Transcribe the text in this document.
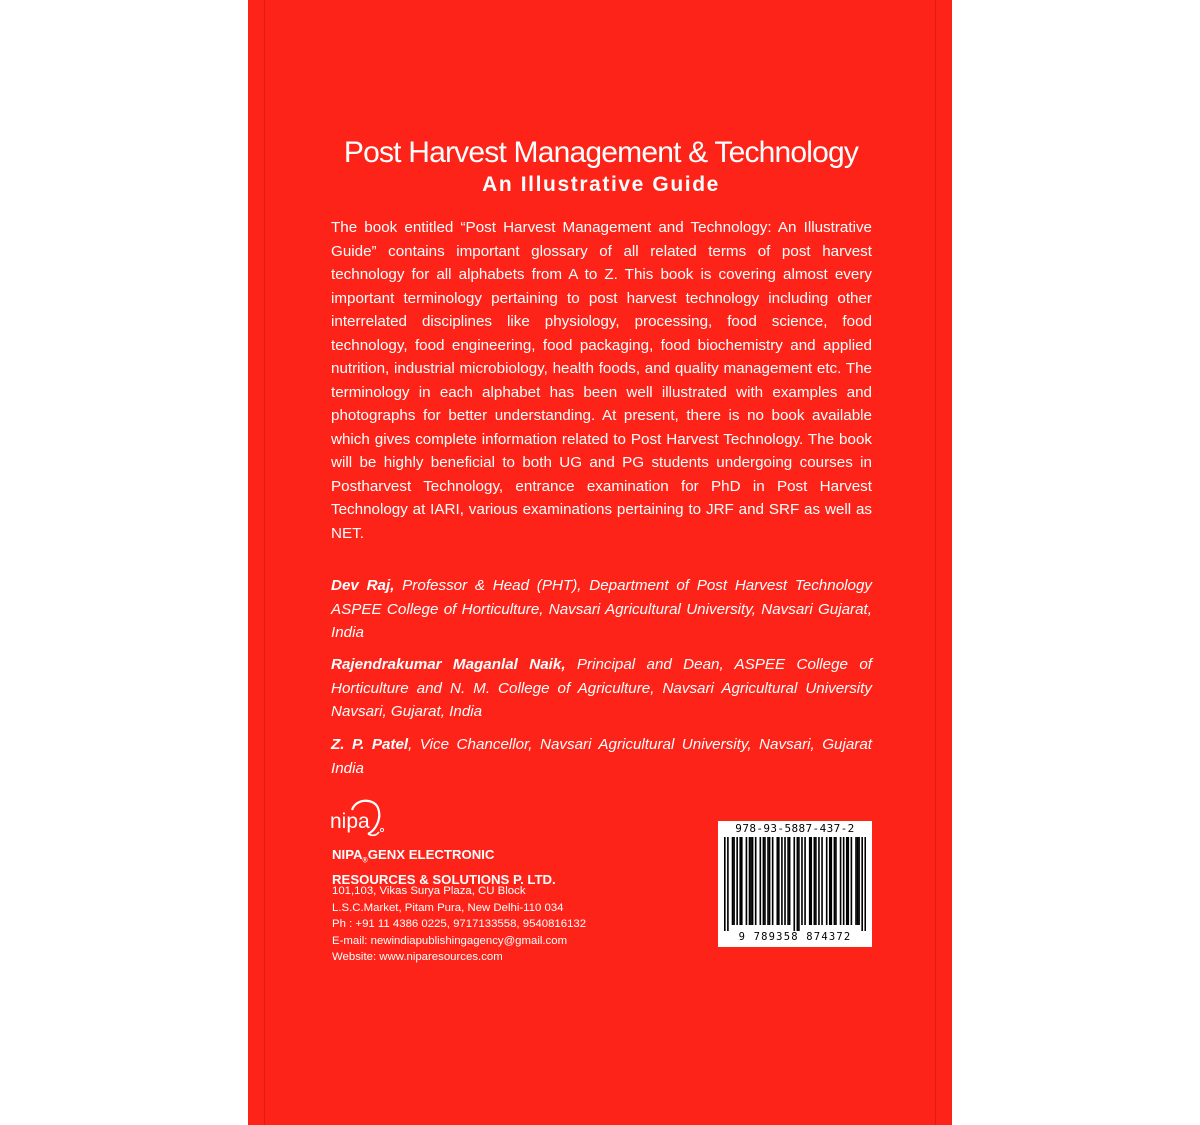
Post Harvest Management & Technology
An Illustrative Guide

The book entitled “Post Harvest Management and Technology: An Illustrative Guide” contains important glossary of all related terms of post harvest technology for all alphabets from A to Z. This book is covering almost every important terminology pertaining to post harvest technology including other interrelated disciplines like physiology, processing, food science, food technology, food engineering, food packaging, food biochemistry and applied nutrition, industrial microbiology, health foods, and quality management etc. The terminology in each alphabet has been well illustrated with examples and photographs for better understanding. At present, there is no book available which gives complete information related to Post Harvest Technology. The book will be highly beneficial to both UG and PG students undergoing courses in Postharvest Technology, entrance examination for PhD in Post Harvest Technology at IARI, various examinations pertaining to JRF and SRF as well as NET.

Dev Raj, Professor & Head (PHT), Department of Post Harvest Technology ASPEE College of Horticulture, Navsari Agricultural University, Navsari Gujarat, India

Rajendrakumar Maganlal Naik, Principal and Dean, ASPEE College of Horticulture and N. M. College of Agriculture, Navsari Agricultural University Navsari, Gujarat, India

Z. P. Patel, Vice Chancellor, Navsari Agricultural University, Navsari, Gujarat India

nipa
$NIPA_®GENX$ ELECTRONIC
RESOURCES & SOLUTIONS P. LTD.
101,103, Vikas Surya Plaza, CU Block
L.S.C.Market, Pitam Pura, New Delhi-110 034
Ph : +91 11 4386 0225, 9717133558, 9540816132
E-mail: newindiapublishingagency@gmail.com
Website: www.niparesources.com
978-93-5887-437-2
9 789358 874372
